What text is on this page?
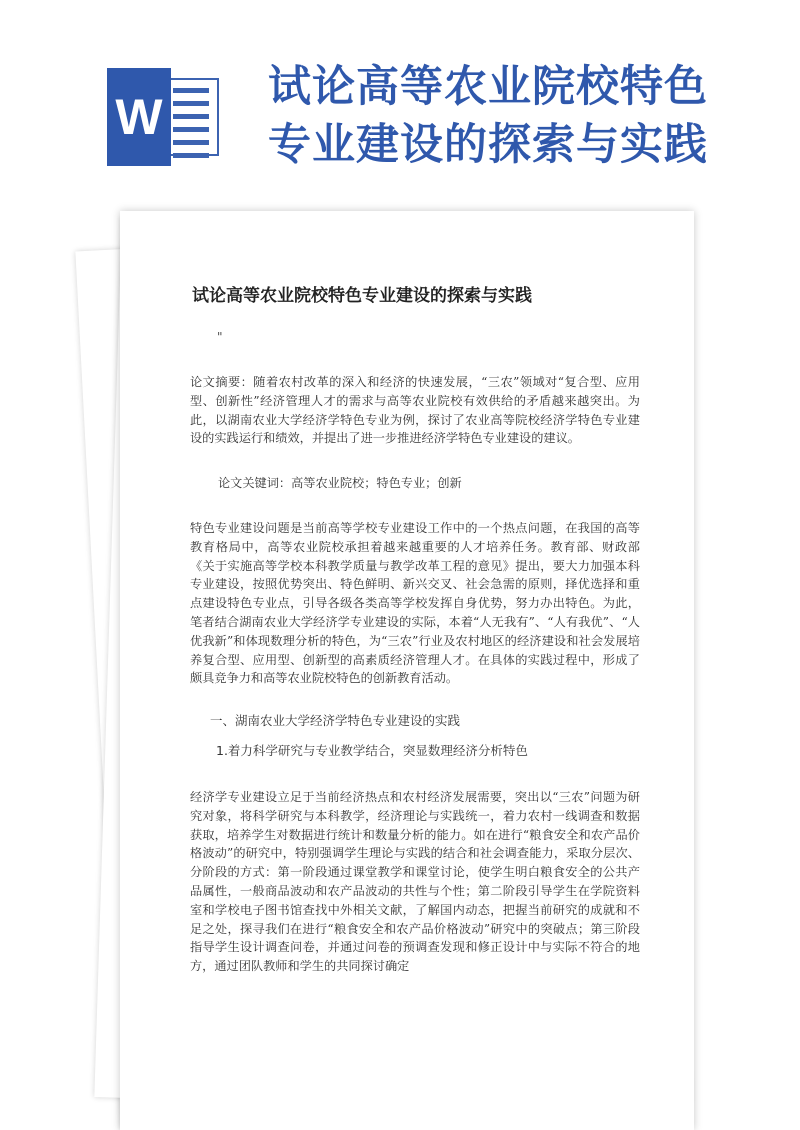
W
试论高等农业院校特色
专业建设的探索与实践
试论高等农业院校特色专业建设的探索与实践
"
论文摘要：随着农村改革的深入和经济的快速发展，“三农”领域对“复合型、应用型、创新性”经济管理人才的需求与高等农业院校有效供给的矛盾越来越突出。为此，以湖南农业大学经济学特色专业为例，探讨了农业高等院校经济学特色专业建设的实践运行和绩效，并提出了进一步推进经济学特色专业建设的建议。
论文关键词：高等农业院校；特色专业；创新
特色专业建设问题是当前高等学校专业建设工作中的一个热点问题，在我国的高等教育格局中，高等农业院校承担着越来越重要的人才培养任务。教育部、财政部《关于实施高等学校本科教学质量与教学改革工程的意见》提出，要大力加强本科专业建设，按照优势突出、特色鲜明、新兴交叉、社会急需的原则，择优选择和重点建设特色专业点，引导各级各类高等学校发挥自身优势，努力办出特色。为此，笔者结合湖南农业大学经济学专业建设的实际，本着“人无我有”、“人有我优”、“人优我新”和体现数理分析的特色，为“三农”行业及农村地区的经济建设和社会发展培养复合型、应用型、创新型的高素质经济管理人才。在具体的实践过程中，形成了颇具竞争力和高等农业院校特色的创新教育活动。
一、湖南农业大学经济学特色专业建设的实践
1.着力科学研究与专业教学结合，突显数理经济分析特色
经济学专业建设立足于当前经济热点和农村经济发展需要，突出以“三农”问题为研究对象，将科学研究与本科教学，经济理论与实践统一，着力农村一线调查和数据获取，培养学生对数据进行统计和数量分析的能力。如在进行“粮食安全和农产品价格波动”的研究中，特别强调学生理论与实践的结合和社会调查能力，采取分层次、分阶段的方式：第一阶段通过课堂教学和课堂讨论，使学生明白粮食安全的公共产品属性，一般商品波动和农产品波动的共性与个性；第二阶段引导学生在学院资料室和学校电子图书馆查找中外相关文献，了解国内动态，把握当前研究的成就和不足之处，探寻我们在进行“粮食安全和农产品价格波动”研究中的突破点；第三阶段指导学生设计调查问卷，并通过问卷的预调查发现和修正设计中与实际不符合的地方，通过团队教师和学生的共同探讨确定
